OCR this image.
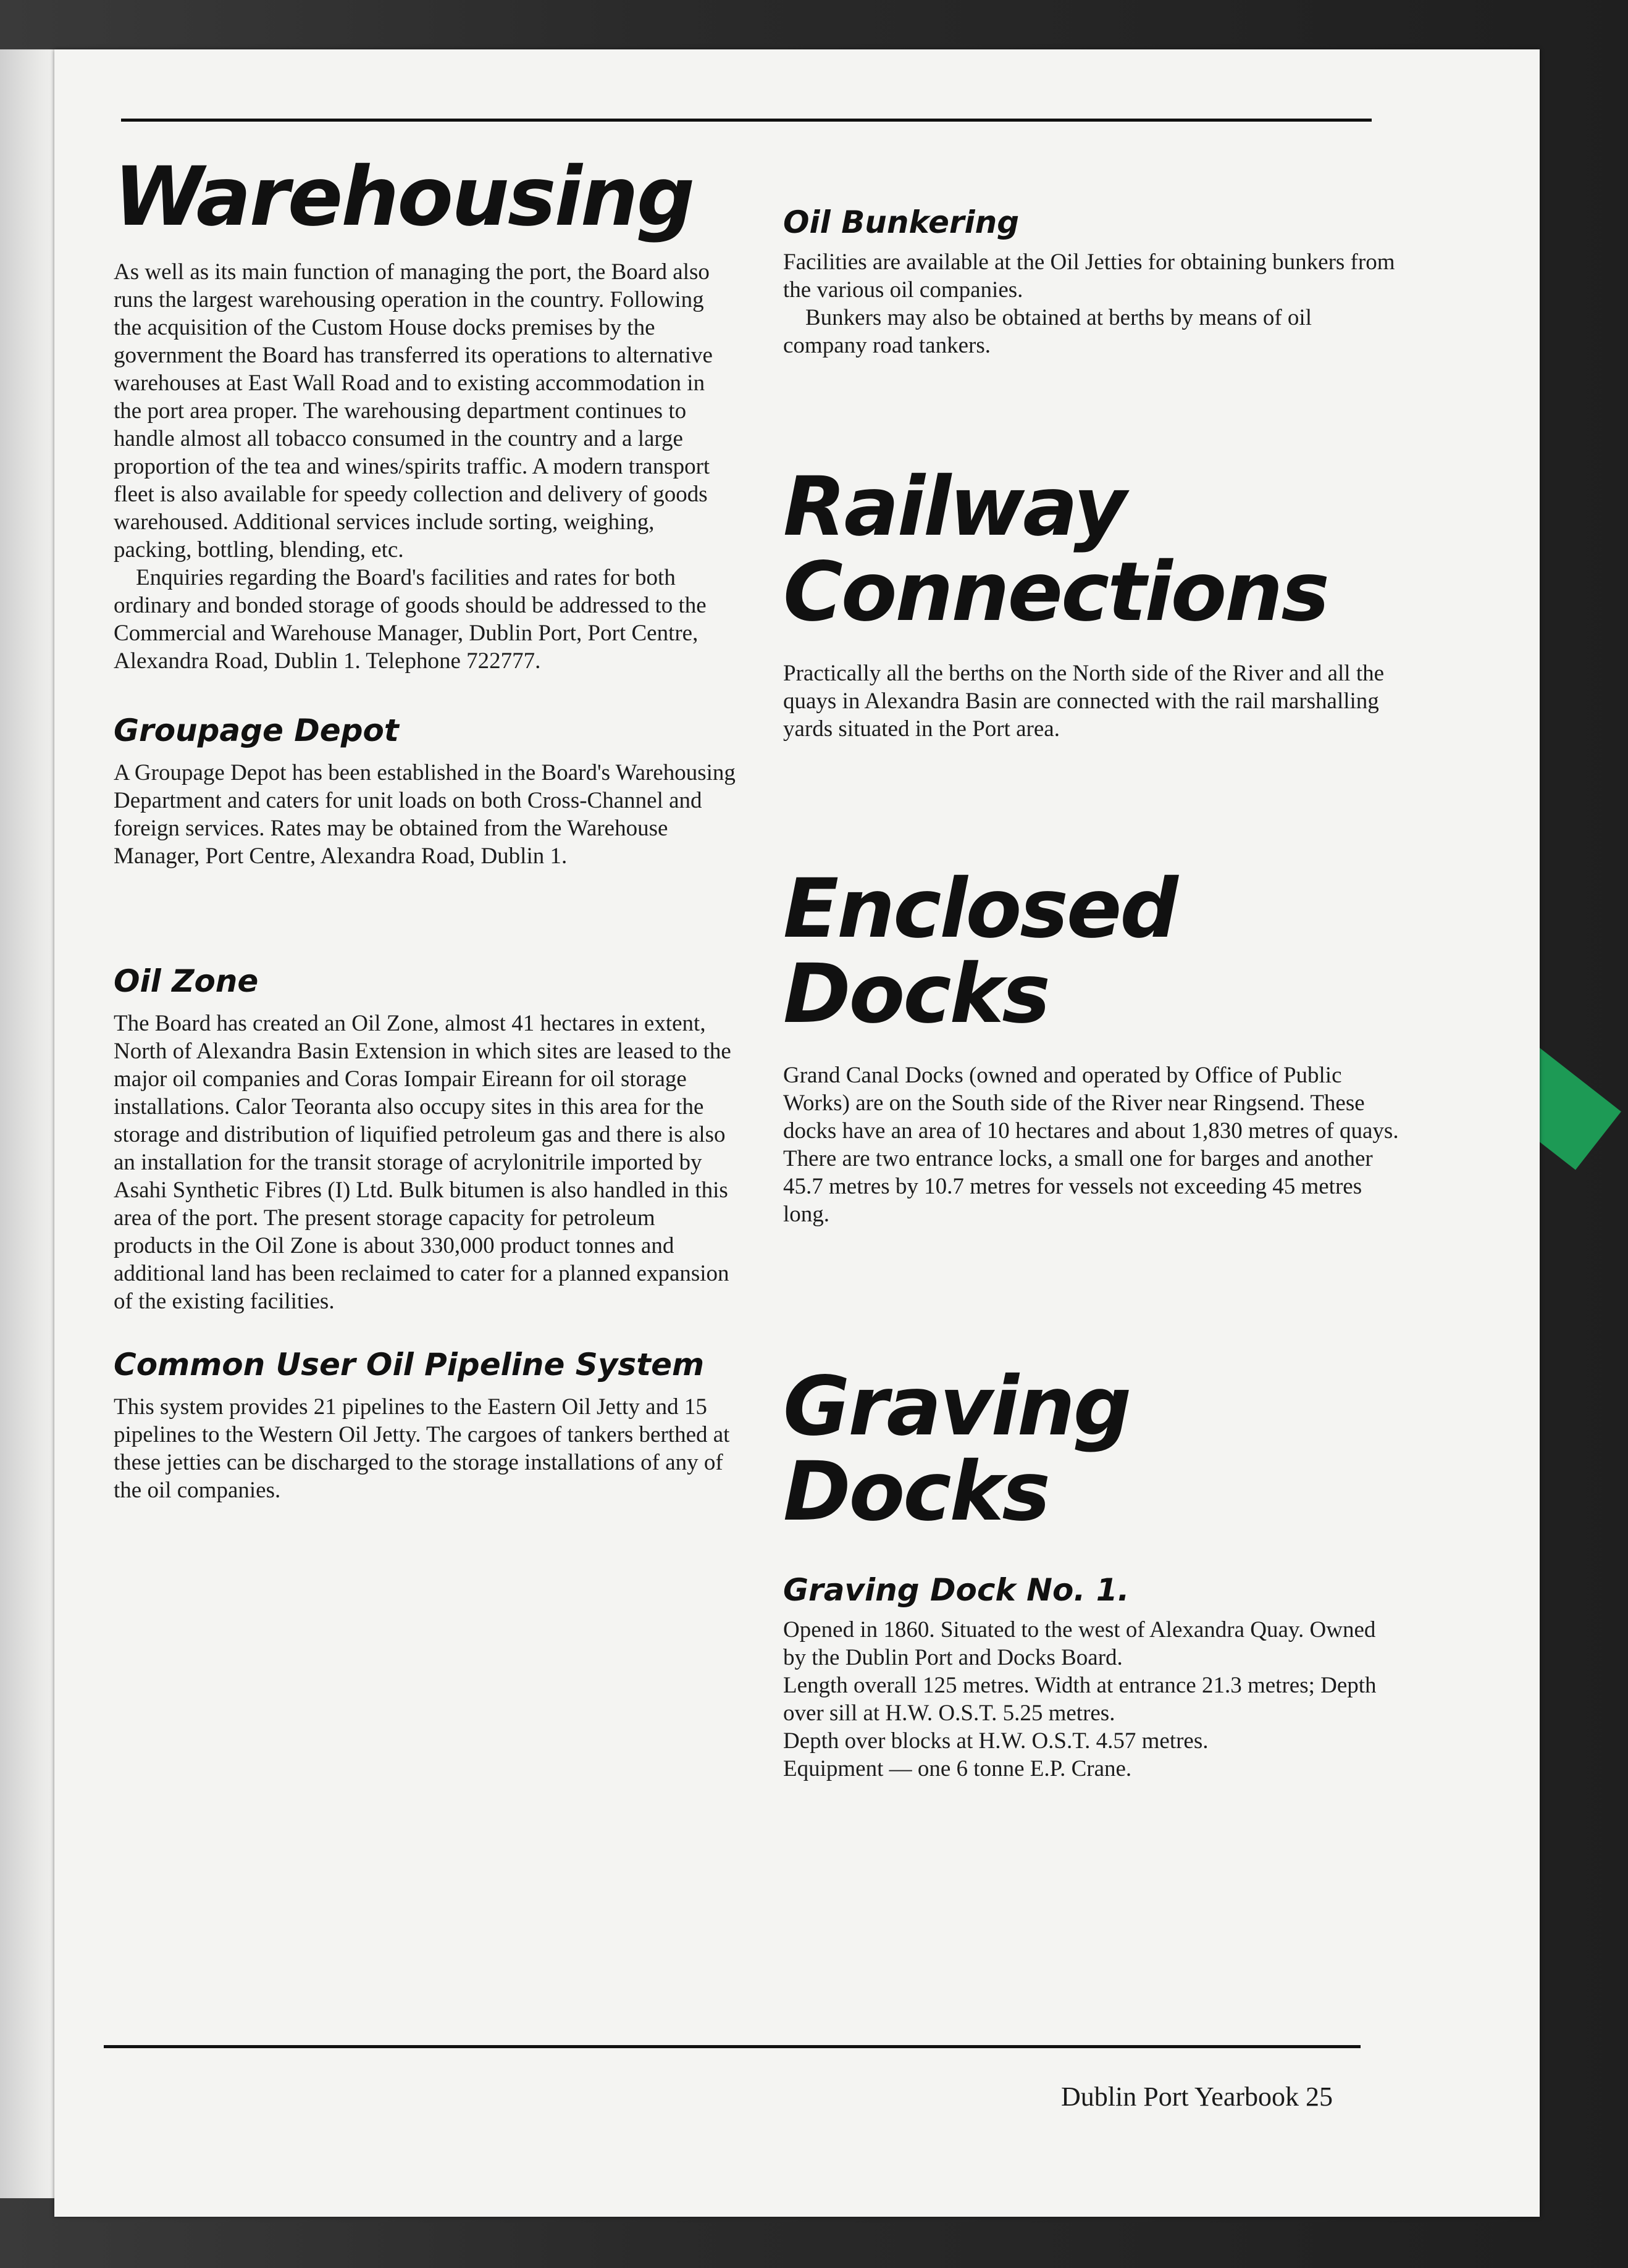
Warehousing

As well as its main function of managing the port, the Board also runs the largest warehousing operation in the country. Following the acquisition of the Custom House docks premises by the government the Board has transferred its operations to alternative warehouses at East Wall Road and to existing accommodation in the port area proper. The warehousing department continues to handle almost all tobacco consumed in the country and a large proportion of the tea and wines/spirits traffic. A modern transport fleet is also available for speedy collection and delivery of goods warehoused. Additional services include sorting, weighing, packing, bottling, blending, etc.

Enquiries regarding the Board's facilities and rates for both ordinary and bonded storage of goods should be addressed to the Commercial and Warehouse Manager, Dublin Port, Port Centre, Alexandra Road, Dublin 1. Telephone 722777.

Groupage Depot

A Groupage Depot has been established in the Board's Warehousing Department and caters for unit loads on both Cross-Channel and foreign services. Rates may be obtained from the Warehouse Manager, Port Centre, Alexandra Road, Dublin 1.

Oil Zone

The Board has created an Oil Zone, almost 41 hectares in extent, North of Alexandra Basin Extension in which sites are leased to the major oil companies and Coras Iompair Eireann for oil storage installations. Calor Teoranta also occupy sites in this area for the storage and distribution of liquified petroleum gas and there is also an installation for the transit storage of acrylonitrile imported by Asahi Synthetic Fibres (I) Ltd. Bulk bitumen is also handled in this area of the port. The present storage capacity for petroleum products in the Oil Zone is about 330,000 product tonnes and additional land has been reclaimed to cater for a planned expansion of the existing facilities.

Common User Oil Pipeline System

This system provides 21 pipelines to the Eastern Oil Jetty and 15 pipelines to the Western Oil Jetty. The cargoes of tankers berthed at these jetties can be discharged to the storage installations of any of the oil companies.

Oil Bunkering

Facilities are available at the Oil Jetties for obtaining bunkers from the various oil companies.

Bunkers may also be obtained at berths by means of oil company road tankers.

Railway
Connections

Practically all the berths on the North side of the River and all the quays in Alexandra Basin are connected with the rail marshalling yards situated in the Port area.

Enclosed
Docks

Grand Canal Docks (owned and operated by Office of Public Works) are on the South side of the River near Ringsend. These docks have an area of 10 hectares and about 1,830 metres of quays. There are two entrance locks, a small one for barges and another 45.7 metres by 10.7 metres for vessels not exceeding 45 metres long.

Graving
Docks
Graving Dock No. 1.

Opened in 1860. Situated to the west of Alexandra Quay. Owned by the Dublin Port and Docks Board.

Length overall 125 metres. Width at entrance 21.3 metres; Depth over sill at H.W. O.S.T. 5.25 metres.

Depth over blocks at H.W. O.S.T. 4.57 metres.

Equipment — one 6 tonne E.P. Crane.

Dublin Port Yearbook 25
